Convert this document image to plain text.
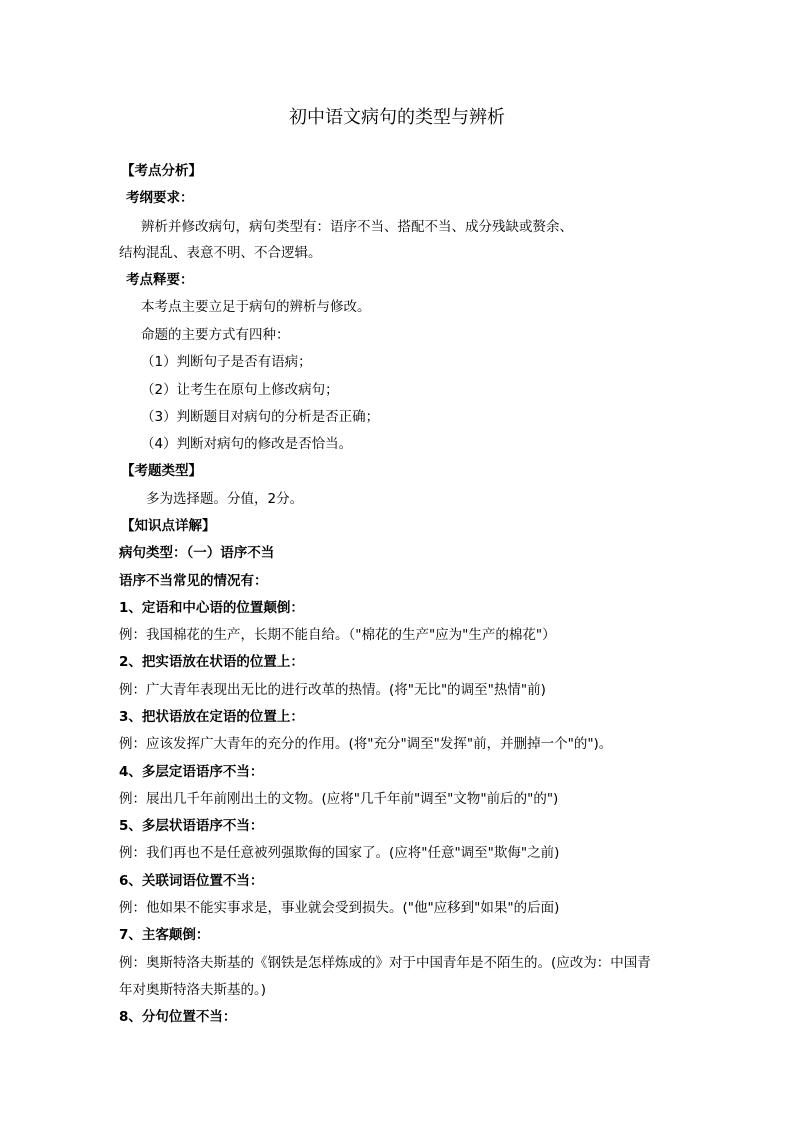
初中语文病句的类型与辨析
【考点分析】
考纲要求：
辨析并修改病句，病句类型有：语序不当、搭配不当、成分残缺或赘余、
结构混乱、表意不明、不合逻辑。
考点释要：
本考点主要立足于病句的辨析与修改。
命题的主要方式有四种：
（1）判断句子是否有语病；
（2）让考生在原句上修改病句；
（3）判断题目对病句的分析是否正确；
（4）判断对病句的修改是否恰当。
【考题类型】
多为选择题。分值，2分。
【知识点详解】
病句类型：（一）语序不当
语序不当常见的情况有：
1、定语和中心语的位置颠倒：
例：我国棉花的生产，长期不能自给。（"棉花的生产"应为"生产的棉花"）
2、把实语放在状语的位置上：
例：广大青年表现出无比的进行改革的热情。(将"无比"的调至"热情"前)
3、把状语放在定语的位置上：
例：应该发挥广大青年的充分的作用。(将"充分"调至"发挥"前，并删掉一个"的")。
4、多层定语语序不当：
例：展出几千年前刚出土的文物。(应将"几千年前"调至"文物"前后的"的")
5、多层状语语序不当：
例：我们再也不是任意被列强欺侮的国家了。(应将"任意"调至"欺侮"之前)
6、关联词语位置不当：
例：他如果不能实事求是，事业就会受到损失。("他"应移到"如果"的后面)
7、主客颠倒：
例：奥斯特洛夫斯基的《钢铁是怎样炼成的》对于中国青年是不陌生的。(应改为：中国青
年对奥斯特洛夫斯基的。)
8、分句位置不当：
